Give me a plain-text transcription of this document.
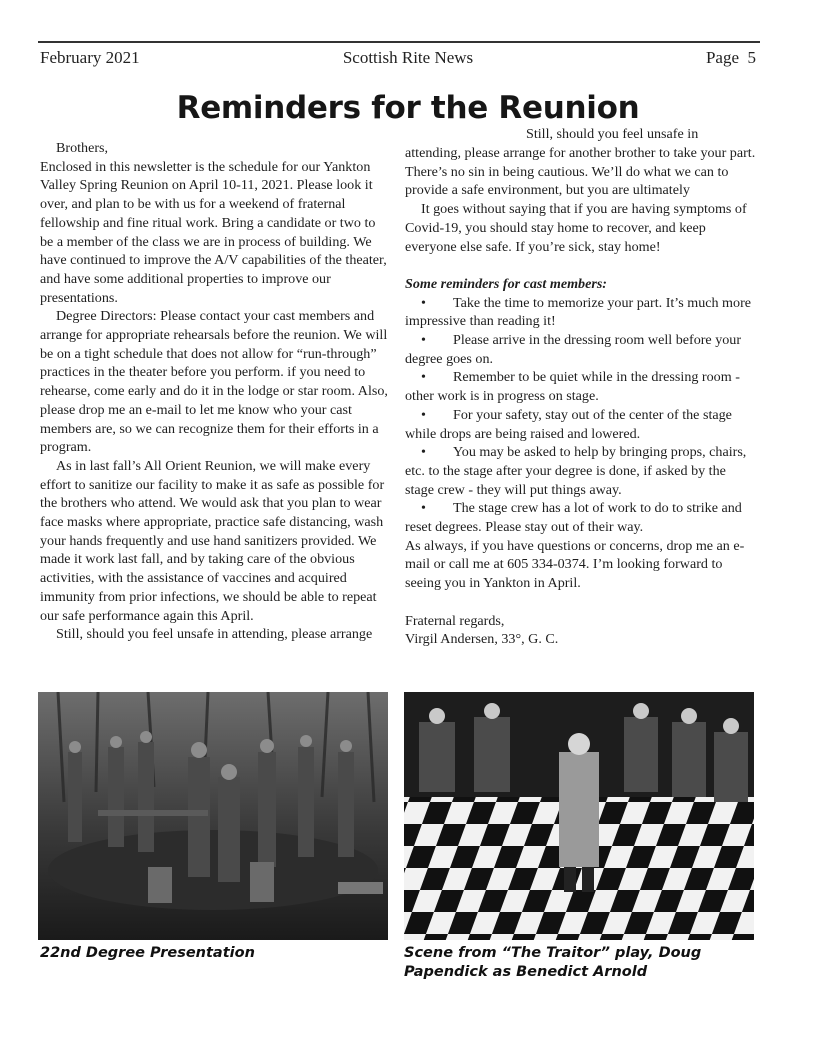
February 2021	Scottish Rite News	Page  5
Reminders for the Reunion

Brothers,

Enclosed in this newsletter is the schedule for our Yankton Valley Spring Reunion on April 10-11, 2021. Please look it over, and plan to be with us for a weekend of fraternal fellowship and fine ritual work. Bring a candidate or two to be a member of the class we are in process of building. We have continued to improve the A/V capabilities of the theater, and have some additional properties to improve our presentations.

Degree Directors: Please contact your cast members and arrange for appropriate rehearsals before the reunion. We will be on a tight schedule that does not allow for “run-through” practices in the theater before you perform. if you need to rehearse, come early and do it in the lodge or star room. Also, please drop me an e-mail to let me know who your cast members are, so we can recognize them for their efforts in a program.

As in last fall’s All Orient Reunion, we will make every effort to sanitize our facility to make it as safe as possible for the brothers who attend. We would ask that you plan to wear face masks where appropriate, practice safe distancing, wash your hands frequently and use hand sanitizers provided. We made it work last fall, and by taking care of the obvious activities, with the assistance of vaccines and acquired immunity from prior infections, we should be able to repeat our safe performance again this April.

Still, should you feel unsafe in attending, please arrange

Still, should you feel unsafe in attending, please arrange for another brother to take your part. There’s no sin in being cautious. We’ll do what we can to provide a safe environment, but you are ultimately

It goes without saying that if you are having symptoms of Covid-19, you should stay home to recover, and keep everyone else safe. If you’re sick, stay home!

Some reminders for cast members:

• Take the time to memorize your part. It’s much more impressive than reading it!

• Please arrive in the dressing room well before your degree goes on.

• Remember to be quiet while in the dressing room - other work is in progress on stage.

• For your safety, stay out of the center of the stage while drops are being raised and lowered.

• You may be asked to help by bringing props, chairs, etc. to the stage after your degree is done, if asked by the stage crew - they will put things away.

• The stage crew has a lot of work to do to strike and reset degrees. Please stay out of their way.

As always, if you have questions or concerns, drop me an e-mail or call me at 605 334-0374. I’m looking forward to seeing you in Yankton in April.

Fraternal regards,

Virgil Andersen, 33°, G. C.

22nd Degree Presentation	Scene from “The Traitor” play, Doug Papendick as Benedict Arnold
